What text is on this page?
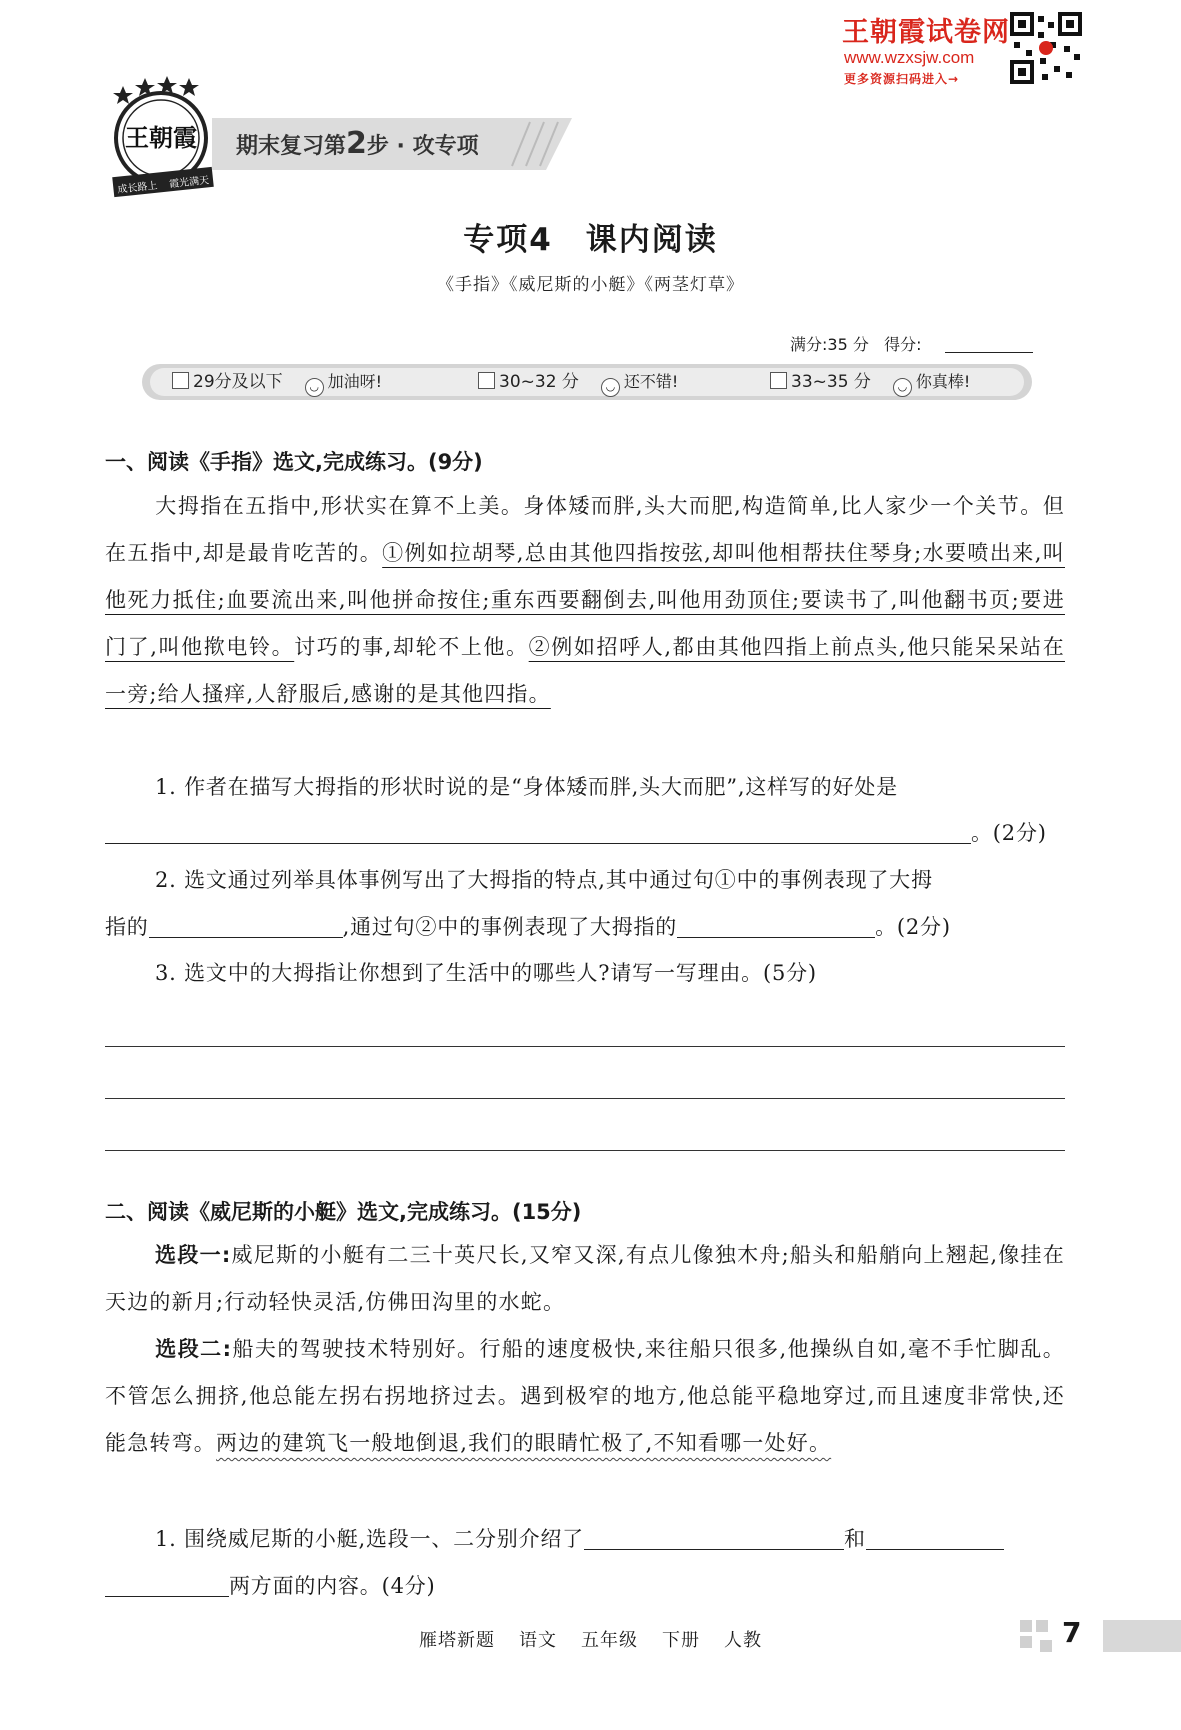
王朝霞试卷网
www.wzxsjw.com
更多资源扫码进入→
王朝霞
成长路上 霞光满天
期末复习第2步 · 攻专项
专项4　课内阅读
《手指》《威尼斯的小艇》《两茎灯草》
满分:35 分 得分:
29分及以下 ◡ 加油呀!	30~32 分 ◡ 还不错!	33~35 分 ◡ 你真棒!
一、阅读《手指》选文,完成练习。(9分)
大拇指在五指中,形状实在算不上美。身体矮而胖,头大而肥,构造简单,比人家少一个关节。但在五指中,却是最肯吃苦的。①例如拉胡琴,总由其他四指按弦,却叫他相帮扶住琴身;水要喷出来,叫他死力抵住;血要流出来,叫他拼命按住;重东西要翻倒去,叫他用劲顶住;要读书了,叫他翻书页;要进门了,叫他揿电铃。讨巧的事,却轮不上他。②例如招呼人,都由其他四指上前点头,他只能呆呆站在一旁;给人搔痒,人舒服后,感谢的是其他四指。
1. 作者在描写大拇指的形状时说的是“身体矮而胖,头大而肥”,这样写的好处是
。(2分)
2. 选文通过列举具体事例写出了大拇指的特点,其中通过句①中的事例表现了大拇
指的	,通过句②中的事例表现了大拇指的	。(2分)
3. 选文中的大拇指让你想到了生活中的哪些人?请写一写理由。(5分)
二、阅读《威尼斯的小艇》选文,完成练习。(15分)
选段一:威尼斯的小艇有二三十英尺长,又窄又深,有点儿像独木舟;船头和船艄向上翘起,像挂在天边的新月;行动轻快灵活,仿佛田沟里的水蛇。
选段二:船夫的驾驶技术特别好。行船的速度极快,来往船只很多,他操纵自如,毫不手忙脚乱。不管怎么拥挤,他总能左拐右拐地挤过去。遇到极窄的地方,他总能平稳地穿过,而且速度非常快,还能急转弯。两边的建筑飞一般地倒退,我们的眼睛忙极了,不知看哪一处好。
1. 围绕威尼斯的小艇,选段一、二分别介绍了	和
两方面的内容。(4分)
雁塔新题 语文 五年级 下册 人教	7
